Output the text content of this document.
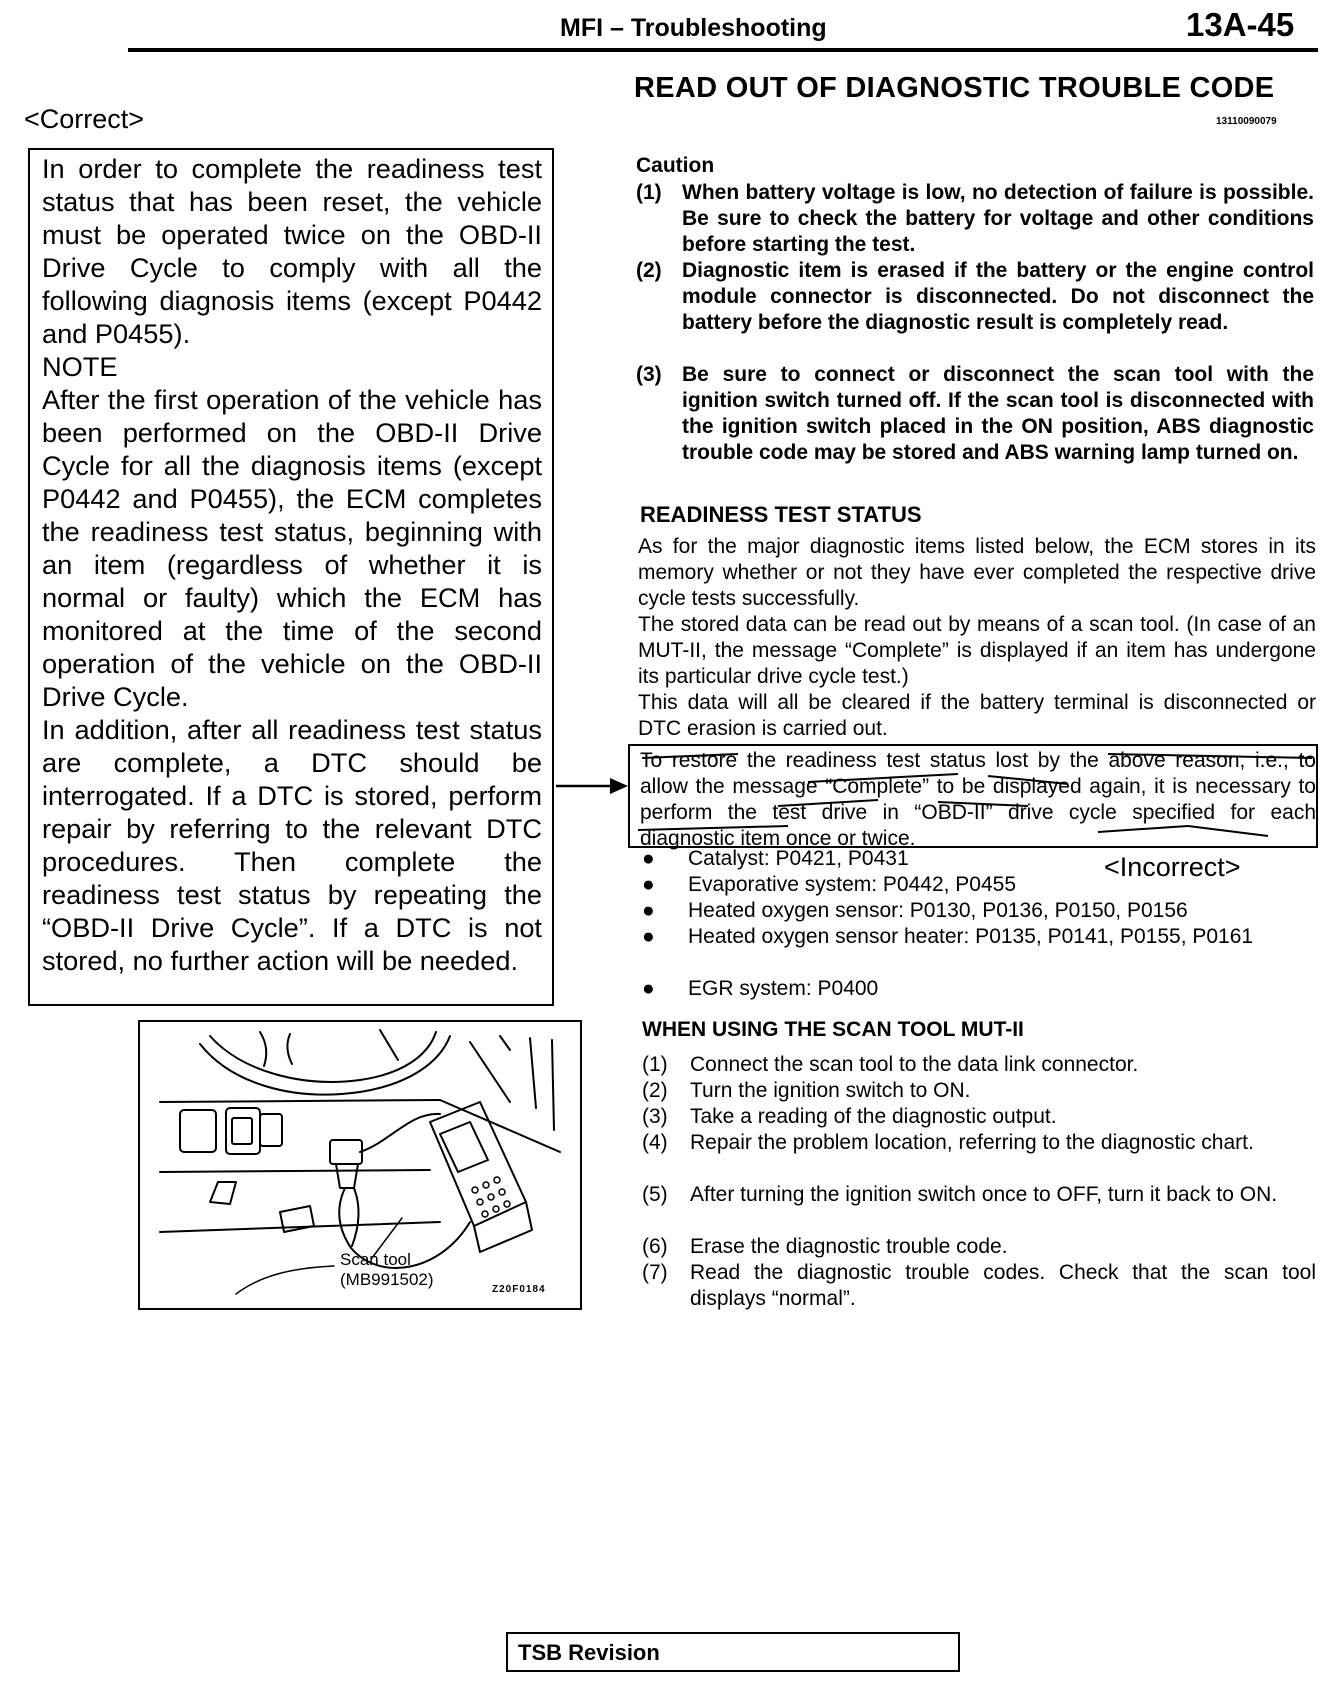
MFI – Troubleshooting	13A-45
<Correct>

In order to complete the readiness test status that has been reset, the vehicle must be operated twice on the OBD-II Drive Cycle to comply with all the following diagnosis items (except P0442 and P0455).

NOTE

After the first operation of the vehicle has been performed on the OBD-II Drive Cycle for all the diagnosis items (except P0442 and P0455), the ECM completes the readiness test status, beginning with an item (regardless of whether it is normal or faulty) which the ECM has monitored at the time of the second operation of the vehicle on the OBD-II Drive Cycle.

In addition, after all readiness test status are complete, a DTC should be interrogated. If a DTC is stored, perform repair by referring to the relevant DTC procedures. Then complete the readiness test status by repeating the “OBD-II Drive Cycle”. If a DTC is not stored, no further action will be needed.

Scan tool
(MB991502)
Z20F0184
READ OUT OF DIAGNOSTIC TROUBLE CODE
13110090079
Caution
(1) When battery voltage is low, no detection of failure is possible. Be sure to check the battery for voltage and other conditions before starting the test.
(2) Diagnostic item is erased if the battery or the engine control module connector is disconnected. Do not disconnect the battery before the diagnostic result is completely read.
(3) Be sure to connect or disconnect the scan tool with the ignition switch turned off. If the scan tool is disconnected with the ignition switch placed in the ON position, ABS diagnostic trouble code may be stored and ABS warning lamp turned on.
READINESS TEST STATUS

As for the major diagnostic items listed below, the ECM stores in its memory whether or not they have ever completed the respective drive cycle tests successfully.

The stored data can be read out by means of a scan tool. (In case of an MUT-II, the message “Complete” is displayed if an item has undergone its particular drive cycle test.)

This data will all be cleared if the battery terminal is disconnected or DTC erasion is carried out.

To restore the readiness test status lost by the above reason, i.e., to allow the message “Complete” to be displayed again, it is necessary to perform the test drive in “OBD-II” drive cycle specified for each diagnostic item once or twice.
<Incorrect>
● Catalyst: P0421, P0431
● Evaporative system: P0442, P0455
● Heated oxygen sensor: P0130, P0136, P0150, P0156
● Heated oxygen sensor heater: P0135, P0141, P0155, P0161
● EGR system: P0400
WHEN USING THE SCAN TOOL MUT-II
(1) Connect the scan tool to the data link connector.
(2) Turn the ignition switch to ON.
(3) Take a reading of the diagnostic output.
(4) Repair the problem location, referring to the diagnostic chart.
(5) After turning the ignition switch once to OFF, turn it back to ON.
(6) Erase the diagnostic trouble code.
(7) Read the diagnostic trouble codes. Check that the scan tool displays “normal”.
TSB Revision
